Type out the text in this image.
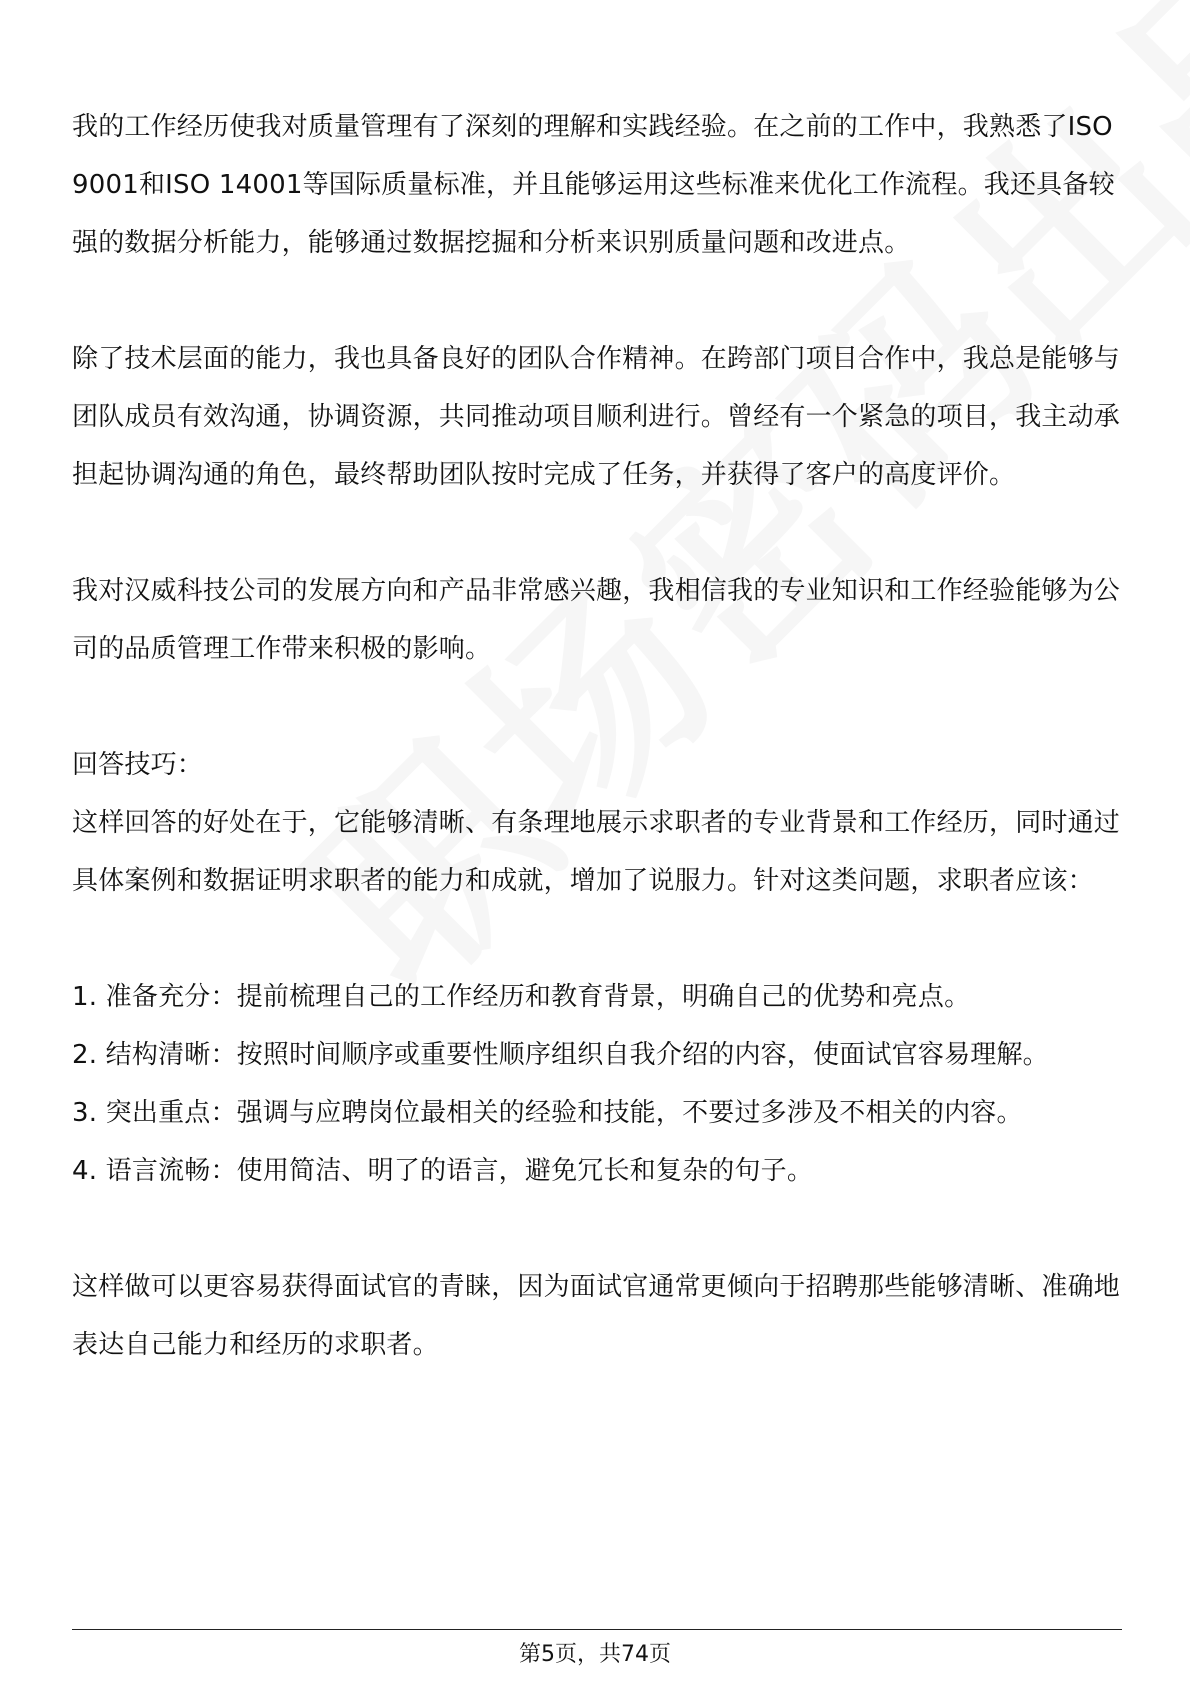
我的工作经历使我对质量管理有了深刻的理解和实践经验。在之前的工作中，我熟悉了ISO 9001和ISO 14001等国际质量标准，并且能够运用这些标准来优化工作流程。我还具备较强的数据分析能力，能够通过数据挖掘和分析来识别质量问题和改进点。

除了技术层面的能力，我也具备良好的团队合作精神。在跨部门项目合作中，我总是能够与团队成员有效沟通，协调资源，共同推动项目顺利进行。曾经有一个紧急的项目，我主动承担起协调沟通的角色，最终帮助团队按时完成了任务，并获得了客户的高度评价。

我对汉威科技公司的发展方向和产品非常感兴趣，我相信我的专业知识和工作经验能够为公司的品质管理工作带来积极的影响。

回答技巧：

这样回答的好处在于，它能够清晰、有条理地展示求职者的专业背景和工作经历，同时通过具体案例和数据证明求职者的能力和成就，增加了说服力。针对这类问题，求职者应该：

1. 准备充分：提前梳理自己的工作经历和教育背景，明确自己的优势和亮点。

2. 结构清晰：按照时间顺序或重要性顺序组织自我介绍的内容，使面试官容易理解。

3. 突出重点：强调与应聘岗位最相关的经验和技能，不要过多涉及不相关的内容。

4. 语言流畅：使用简洁、明了的语言，避免冗长和复杂的句子。

这样做可以更容易获得面试官的青睐，因为面试官通常更倾向于招聘那些能够清晰、准确地表达自己能力和经历的求职者。

第5页，共74页
